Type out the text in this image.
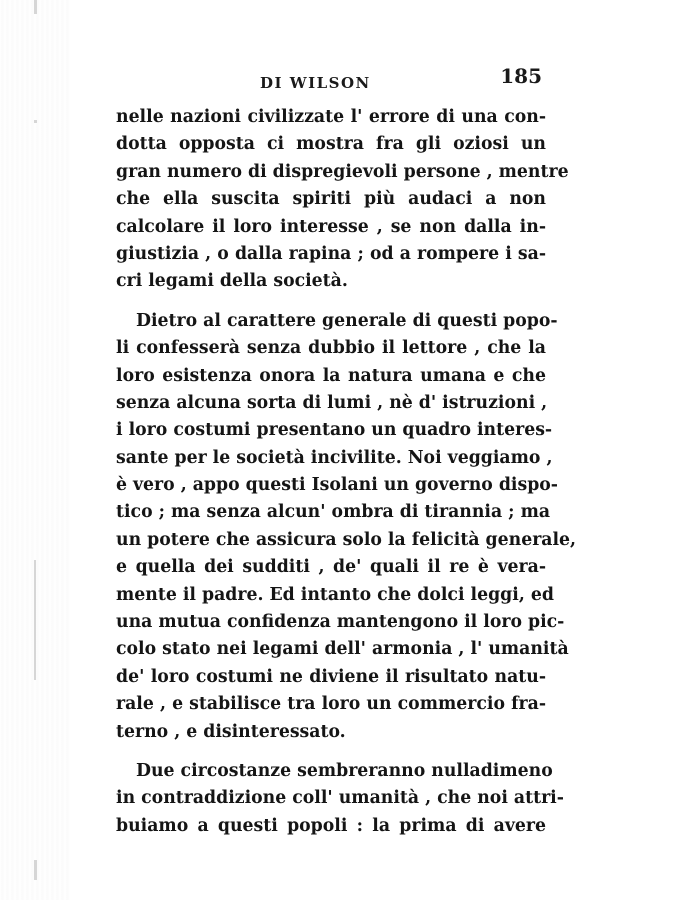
DI WILSON	185
nelle nazioni civilizzate l' errore di una con-
dotta opposta ci mostra fra gli oziosi un
gran numero di dispregievoli persone , mentre
che ella suscita spiriti più audaci a non
calcolare il loro interesse , se non dalla in-
giustizia , o dalla rapina ; od a rompere i sa-
cri legami della società.
Dietro al carattere generale di questi popo-
li confesserà senza dubbio il lettore , che la
loro esistenza onora la natura umana e che
senza alcuna sorta di lumi , nè d' istruzioni ,
i loro costumi presentano un quadro interes-
sante per le società incivilite. Noi veggiamo ,
è vero , appo questi Isolani un governo dispo-
tico ; ma senza alcun' ombra di tirannia ; ma
un potere che assicura solo la felicità generale,
e quella dei sudditi , de' quali il re è vera-
mente il padre. Ed intanto che dolci leggi, ed
una mutua confidenza mantengono il loro pic-
colo stato nei legami dell' armonia , l' umanità
de' loro costumi ne diviene il risultato natu-
rale , e stabilisce tra loro un commercio fra-
terno , e disinteressato.
Due circostanze sembreranno nulladimeno
in contraddizione coll' umanità , che noi attri-
buiamo a questi popoli : la prima di avere
